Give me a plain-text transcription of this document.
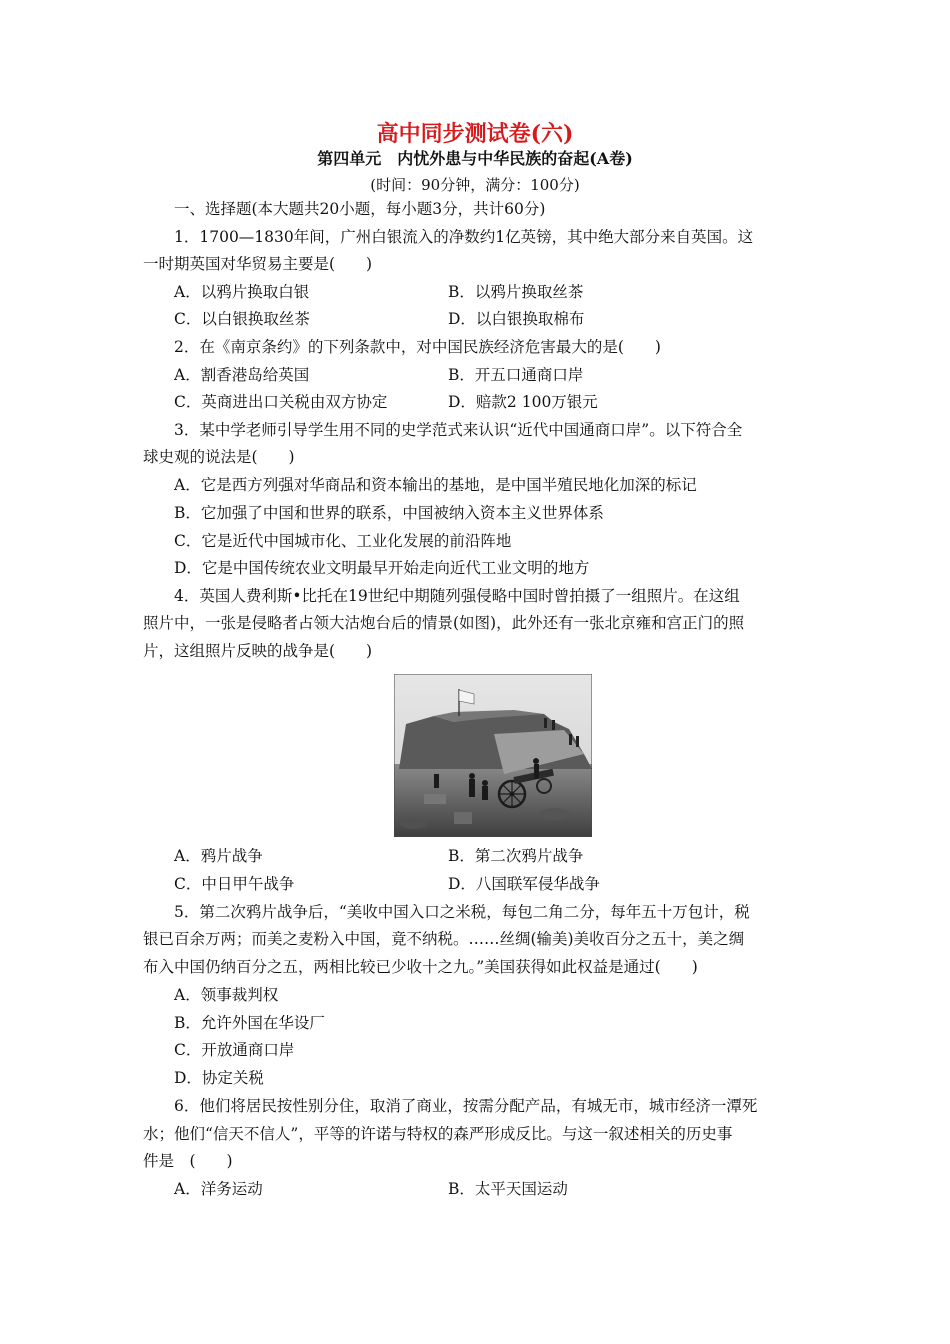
高中同步测试卷(六)
第四单元　内忧外患与中华民族的奋起(A卷)
(时间：90分钟，满分：100分)
一、选择题(本大题共20小题，每小题3分，共计60分)
1．1700—1830年间，广州白银流入的净数约1亿英镑，其中绝大部分来自英国。这
一时期英国对华贸易主要是(　　)
A．以鸦片换取白银	B．以鸦片换取丝茶
C．以白银换取丝茶	D．以白银换取棉布
2．在《南京条约》的下列条款中，对中国民族经济危害最大的是(　　)
A．割香港岛给英国	B．开五口通商口岸
C．英商进出口关税由双方协定	D．赔款2 100万银元
3．某中学老师引导学生用不同的史学范式来认识“近代中国通商口岸”。以下符合全
球史观的说法是(　　)
A．它是西方列强对华商品和资本输出的基地，是中国半殖民地化加深的标记
B．它加强了中国和世界的联系，中国被纳入资本主义世界体系
C．它是近代中国城市化、工业化发展的前沿阵地
D．它是中国传统农业文明最早开始走向近代工业文明的地方
4．英国人费利斯•比托在19世纪中期随列强侵略中国时曾拍摄了一组照片。在这组
照片中，一张是侵略者占领大沽炮台后的情景(如图)，此外还有一张北京雍和宫正门的照
片，这组照片反映的战争是(　　)
A．鸦片战争	B．第二次鸦片战争
C．中日甲午战争	D．八国联军侵华战争
5．第二次鸦片战争后，“美收中国入口之米税，每包二角二分，每年五十万包计，税
银已百余万两；而美之麦粉入中国，竟不纳税。……丝绸(输美)美收百分之五十，美之绸
布入中国仍纳百分之五，两相比较已少收十之九。”美国获得如此权益是通过(　　)
A．领事裁判权
B．允许外国在华设厂
C．开放通商口岸
D．协定关税
6．他们将居民按性别分住，取消了商业，按需分配产品，有城无市，城市经济一潭死
水；他们“信天不信人”，平等的许诺与特权的森严形成反比。与这一叙述相关的历史事
件是　(　　)
A．洋务运动	B．太平天国运动
